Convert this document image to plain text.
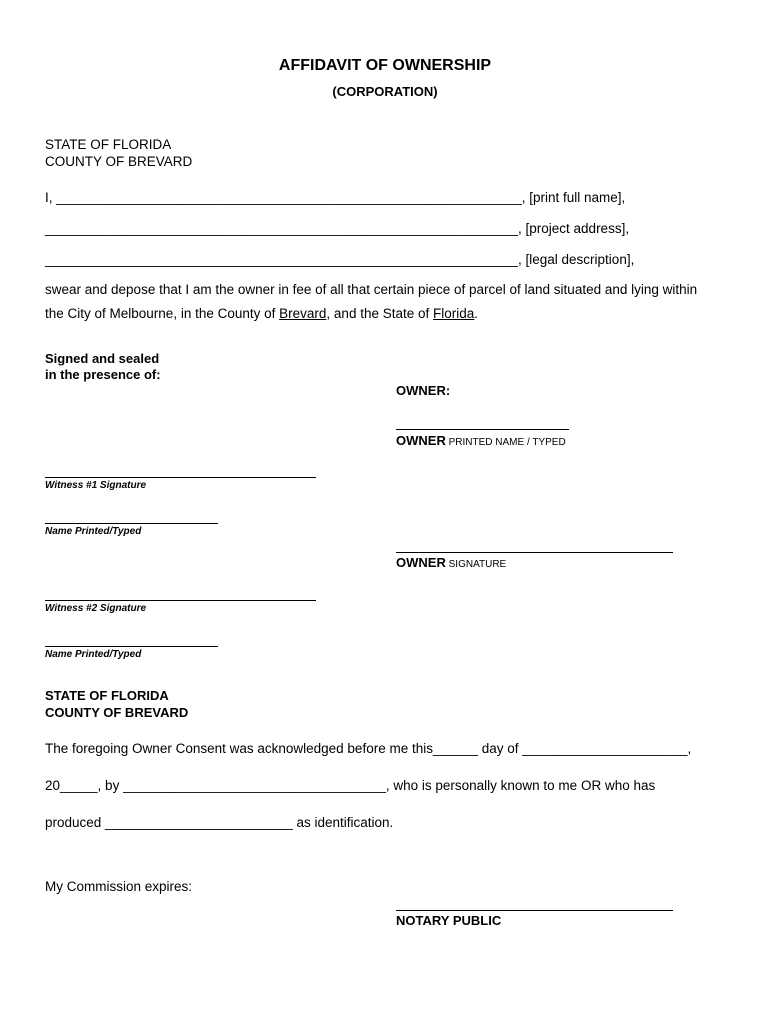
AFFIDAVIT OF OWNERSHIP
(CORPORATION)
STATE OF FLORIDA
COUNTY OF BREVARD
I, ______________________________________________________________, [print full name],
_______________________________________________________________, [project address],
_______________________________________________________________, [legal description],
swear and depose that I am the owner in fee of all that certain piece of parcel of land situated and lying within
the City of Melbourne, in the County of Brevard, and the State of Florida.
Signed and sealed
in the presence of:
OWNER:
OWNER PRINTED NAME / TYPED
Witness #1 Signature
Name Printed/Typed
OWNER SIGNATURE
Witness #2 Signature
Name Printed/Typed
STATE OF FLORIDA
COUNTY OF BREVARD
The foregoing Owner Consent was acknowledged before me this______ day of ______________________,
20_____, by ___________________________________, who is personally known to me OR who has
produced _________________________ as identification.
My Commission expires:
NOTARY PUBLIC
